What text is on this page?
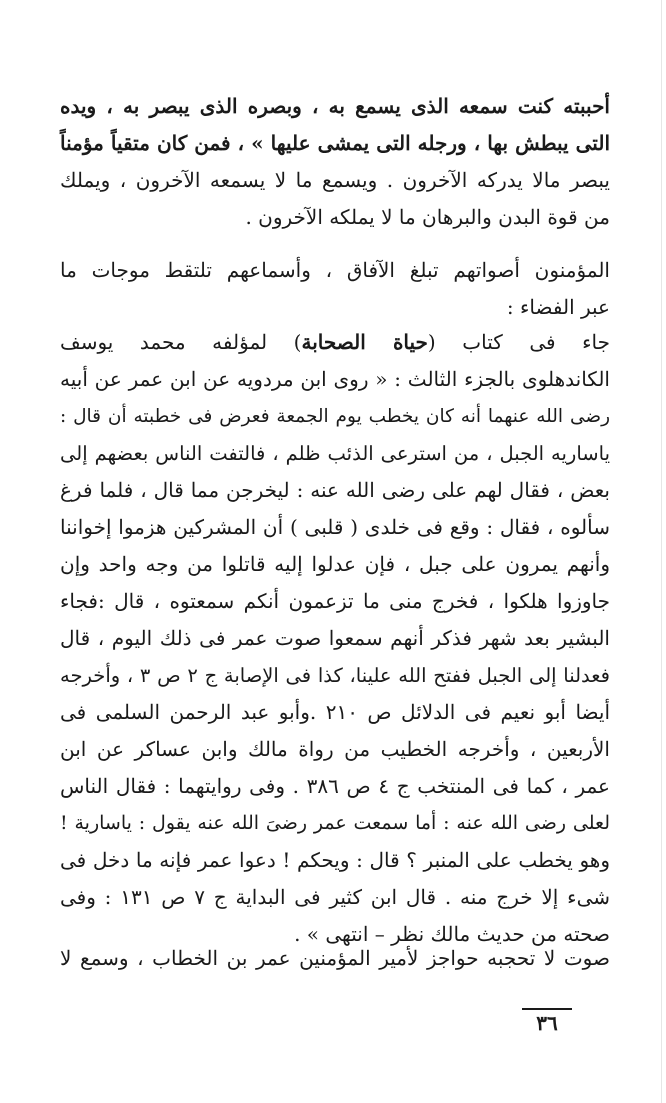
أحببته كنت سمعه الذى يسمع به ، وبصره الذى يبصر به ، ويده
التى يبطش بها ، ورجله التى يمشى عليها » ، فمن كان متقياً مؤمناً
يبصر مالا يدركه الآخرون . ويسمع ما لا يسمعه الآخرون ، ويملك
من قوة البدن والبرهان ما لا يملكه الآخرون .
المؤمنون أصواتهم تبلغ الآفاق ، وأسماعهم تلتقط موجات ما
عبر الفضاء :
جاء فى كتاب (حياة الصحابة) لمؤلفه محمد يوسف
الكاندهلوى بالجزء الثالث : « روى ابن مردويه عن ابن عمر عن أبيه
رضى الله عنهما أنه كان يخطب يوم الجمعة فعرض فى خطبته أن قال :
ياساريه الجبل ، من استرعى الذئب ظلم ، فالتفت الناس بعضهم إلى
بعض ، فقال لهم على رضى الله عنه : ليخرجن مما قال ، فلما فرغ
سألوه ، فقال : وقع فى خلدى ( قلبى ) أن المشركين هزموا إخواننا
وأنهم يمرون على جبل ، فإن عدلوا إليه قاتلوا من وجه واحد وإن
جاوزوا هلكوا ، فخرج منى ما تزعمون أنكم سمعتوه ، قال :فجاء
البشير بعد شهر فذكر أنهم سمعوا صوت عمر فى ذلك اليوم ، قال
فعدلنا إلى الجبل ففتح الله علينا، كذا فى الإصابة ج ٢ ص ٣ ، وأخرجه
أيضا أبو نعيم فى الدلائل ص ٢١٠ .وأبو عبد الرحمن السلمى فى
الأربعين ، وأخرجه الخطيب من رواة مالك وابن عساكر عن ابن
عمر ، كما فى المنتخب ج ٤ ص ٣٨٦ . وفى روايتهما : فقال الناس
لعلى رضى الله عنه : أما سمعت عمر رضىَ الله عنه يقول : ياسارية !
وهو يخطب على المنبر ؟ قال : ويحكم ! دعوا عمر فإنه ما دخل فى
شىء إلا خرج منه . قال ابن كثير فى البداية ج ٧ ص ١٣١ : وفى
صحته من حديث مالك نظر – انتهى » .
صوت لا تحجبه حواجز لأمير المؤمنين عمر بن الخطاب ، وسمع لا
٣٦
